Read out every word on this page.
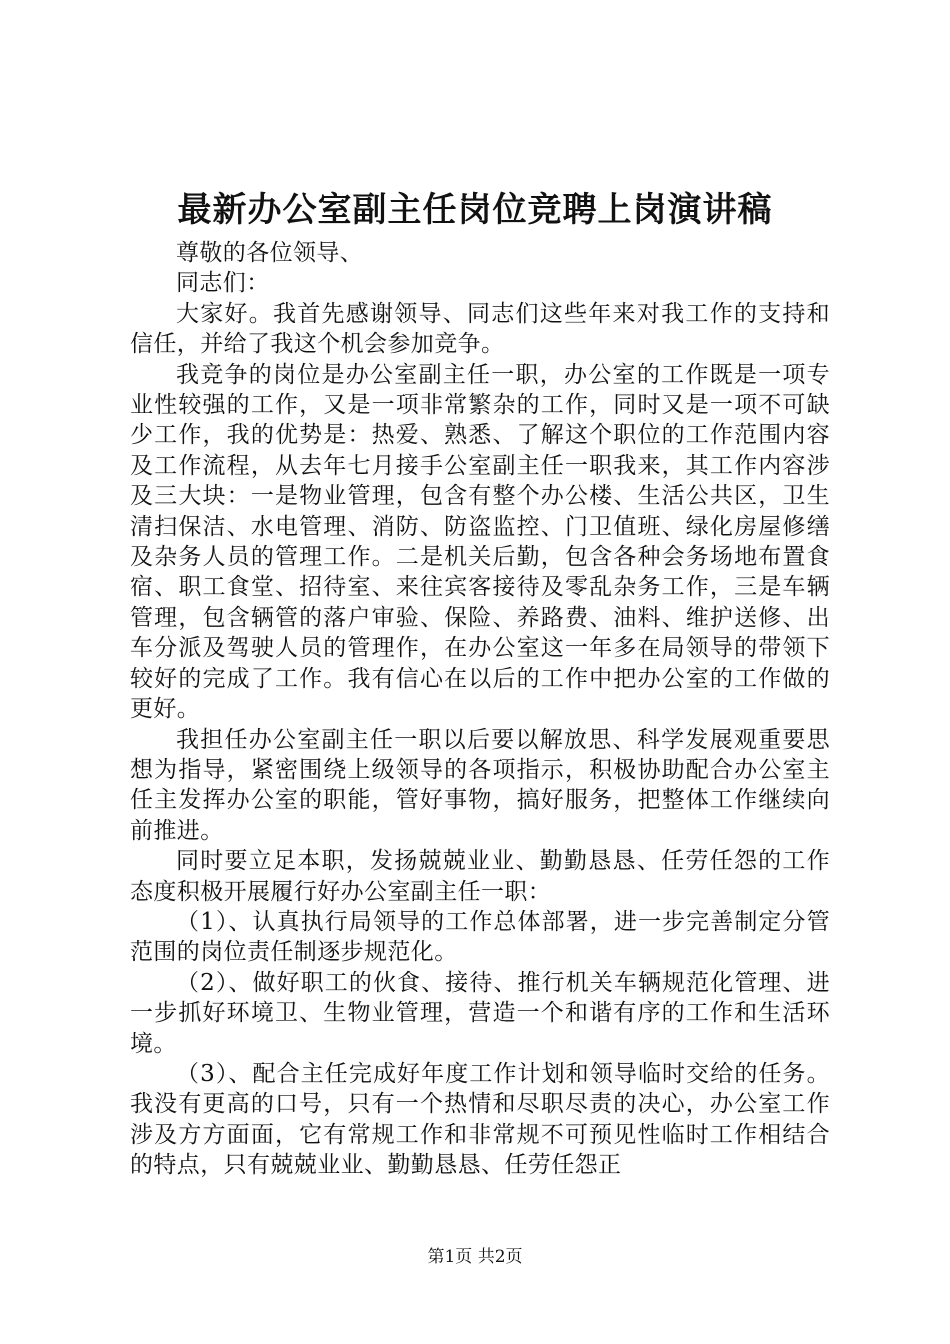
最新办公室副主任岗位竞聘上岗演讲稿

尊敬的各位领导、

同志们：

大家好。我首先感谢领导、同志们这些年来对我工作的支持和信任，并给了我这个机会参加竞争。

我竞争的岗位是办公室副主任一职，办公室的工作既是一项专业性较强的工作，又是一项非常繁杂的工作，同时又是一项不可缺少工作，我的优势是：热爱、熟悉、了解这个职位的工作范围内容及工作流程，从去年七月接手公室副主任一职我来，其工作内容涉及三大块：一是物业管理，包含有整个办公楼、生活公共区，卫生清扫保洁、水电管理、消防、防盗监控、门卫值班、绿化房屋修缮及杂务人员的管理工作。二是机关后勤，包含各种会务场地布置食宿、职工食堂、招待室、来往宾客接待及零乱杂务工作，三是车辆管理，包含辆管的落户审验、保险、养路费、油料、维护送修、出车分派及驾驶人员的管理作，在办公室这一年多在局领导的带领下较好的完成了工作。我有信心在以后的工作中把办公室的工作做的更好。

我担任办公室副主任一职以后要以解放思、科学发展观重要思想为指导，紧密围绕上级领导的各项指示，积极协助配合办公室主任主发挥办公室的职能，管好事物，搞好服务，把整体工作继续向前推进。

同时要立足本职，发扬兢兢业业、勤勤恳恳、任劳任怨的工作态度积极开展履行好办公室副主任一职：

（1）、认真执行局领导的工作总体部署，进一步完善制定分管范围的岗位责任制逐步规范化。

（2）、做好职工的伙食、接待、推行机关车辆规范化管理、进一步抓好环境卫、生物业管理，营造一个和谐有序的工作和生活环境。

（3）、配合主任完成好年度工作计划和领导临时交给的任务。我没有更高的口号，只有一个热情和尽职尽责的决心，办公室工作涉及方方面面，它有常规工作和非常规不可预见性临时工作相结合的特点，只有兢兢业业、勤勤恳恳、任劳任怨正

第1页 共2页
